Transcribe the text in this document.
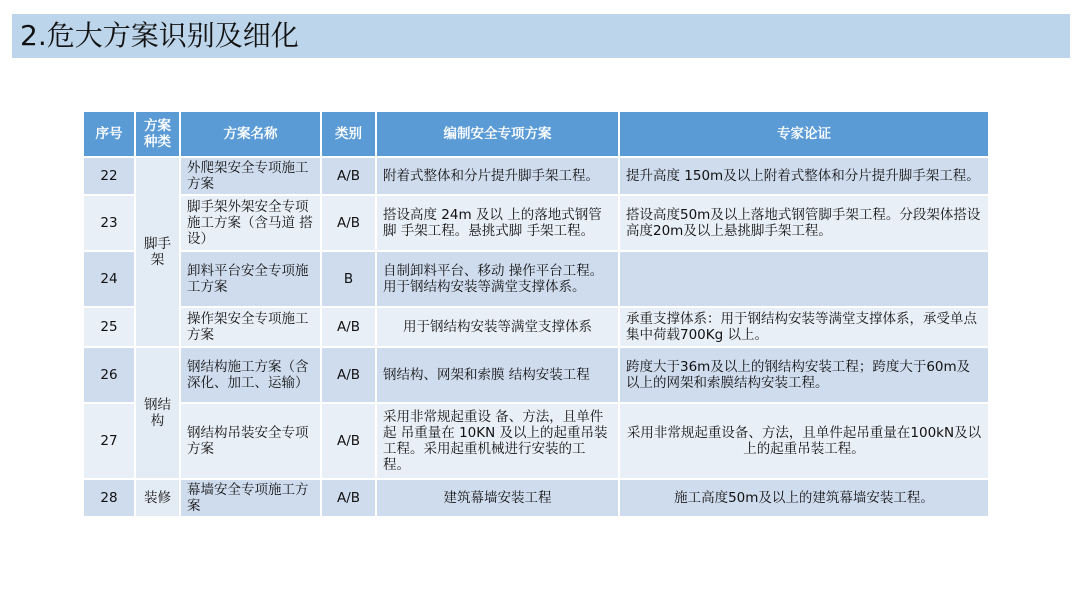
2.危大方案识别及细化
序号	方案种类	方案名称	类别	编制安全专项方案	专家论证
22	脚手架	外爬架安全专项施工方案	A/B	附着式整体和分片提升脚手架工程。	提升高度 150m及以上附着式整体和分片提升脚手架工程。
23		脚手架外架安全专项施工方案（含马道 搭设）	A/B	搭设高度 24m 及以 上的落地式钢管脚 手架工程。悬挑式脚 手架工程。	搭设高度50m及以上落地式钢管脚手架工程。分段架体搭设高度20m及以上悬挑脚手架工程。
24		卸料平台安全专项施工方案	B	自制卸料平台、移动 操作平台工程。用于钢结构安装等满堂支撑体系。	
25		操作架安全专项施工方案	A/B	用于钢结构安装等满堂支撑体系	承重支撑体系：用于钢结构安装等满堂支撑体系，承受单点集中荷载700Kg 以上。
26	钢结构	钢结构施工方案（含 深化、加工、运输）	A/B	钢结构、网架和索膜 结构安装工程	跨度大于36m及以上的钢结构安装工程；跨度大于60m及以上的网架和索膜结构安装工程。
27		钢结构吊装安全专项方案	A/B	采用非常规起重设 备、方法，且单件起 吊重量在 10KN 及以上的起重吊装工程。采用起重机械进行安装的工程。	采用非常规起重设备、方法，且单件起吊重量在100kN及以上的起重吊装工程。
28	装修	幕墙安全专项施工方案	A/B	建筑幕墙安装工程	施工高度50m及以上的建筑幕墙安装工程。
